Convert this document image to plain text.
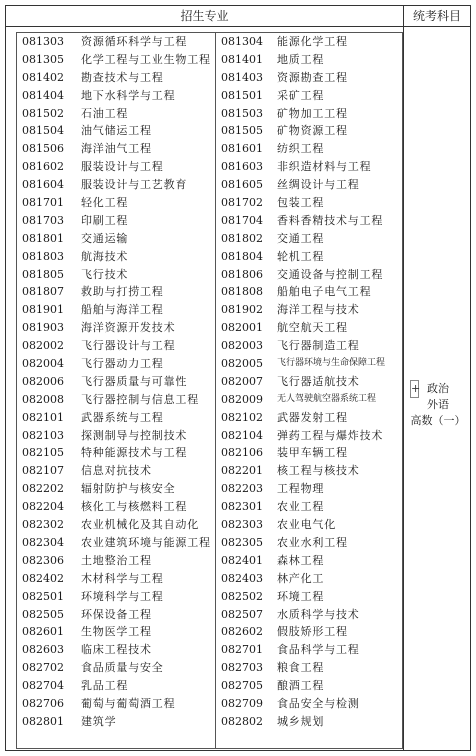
招生专业	统考科目
081303 资源循环科学与工程	081304 能源化学工程
081305 化学工程与工业生物工程 081401 地质工程
081402 勘查技术与工程	081403 资源勘查工程
081404 地下水科学与工程	081501 采矿工程
081502 石油工程	081503 矿物加工工程
081504 油气储运工程	081505 矿物资源工程
081506 海洋油气工程	081601 纺织工程
081602 服装设计与工程	081603 非织造材料与工程
081604 服装设计与工艺教育	081605 丝绸设计与工程
081701 轻化工程	081702 包装工程
081703 印刷工程	081704 香料香精技术与工程
081801 交通运输	081802 交通工程
081803 航海技术	081804 轮机工程
081805 飞行技术	081806 交通设备与控制工程
081807 救助与打捞工程	081808 船舶电子电气工程
081901 船舶与海洋工程	081902 海洋工程与技术
081903 海洋资源开发技术	082001 航空航天工程
082002 飞行器设计与工程	082003 飞行器制造工程
082004 飞行器动力工程	082005 飞行器环境与生命保障工程
082006 飞行器质量与可靠性	082007 飞行器适航技术
082008 飞行器控制与信息工程 082009 无人驾驶航空器系统工程
082101 武器系统与工程	082102 武器发射工程
082103 探测制导与控制技术	082104 弹药工程与爆炸技术
082105 特种能源技术与工程	082106 装甲车辆工程
082107 信息对抗技术	082201 核工程与核技术
082202 辐射防护与核安全	082203 工程物理
082204 核化工与核燃料工程	082301 农业工程
082302 农业机械化及其自动化 082303 农业电气化
082304 农业建筑环境与能源工程 082305 农业水利工程
082306 土地整治工程	082401 森林工程
082402 木材科学与工程	082403 林产化工
082501 环境科学与工程	082502 环境工程
082505 环保设备工程	082507 水质科学与技术
082601 生物医学工程	082602 假肢矫形工程
082603 临床工程技术	082701 食品科学与工程
082702 食品质量与安全	082703 粮食工程
082704 乳品工程	082705 酿酒工程
082706 葡萄与葡萄酒工程	082709 食品安全与检测
082801 建筑学	082802 城乡规划
+ 政治
外语
高数（一）
